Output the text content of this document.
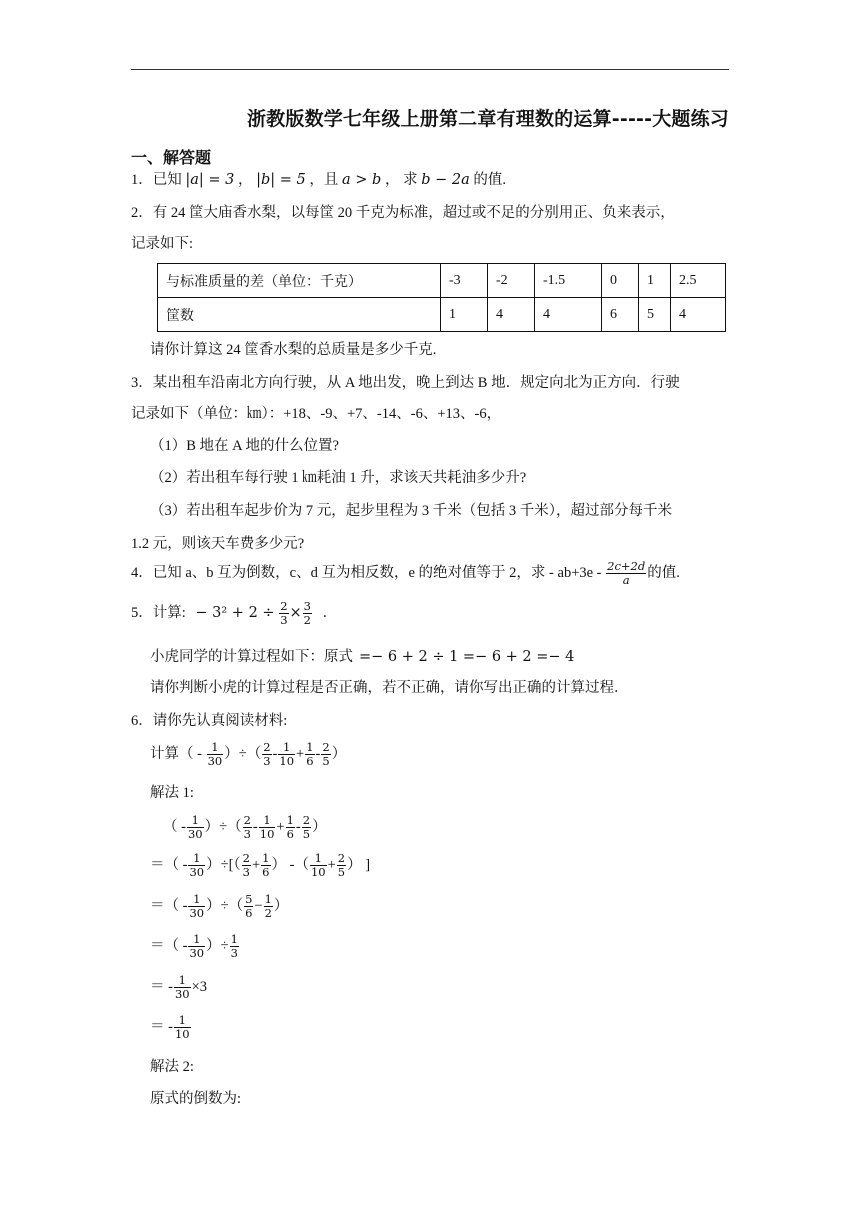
浙教版数学七年级上册第二章有理数的运算-----大题练习
一、解答题
1．已知 |a| = 3 ， |b| = 5 ，且 a > b ， 求 b − 2a 的值.
2．有 24 筐大庙香水梨，以每筐 20 千克为标准，超过或不足的分别用正、负来表示，
记录如下:
与标准质量的差（单位：千克）	-3	-2	-1.5	0	1	2.5
筐数	1	4	4	6	5	4
请你计算这 24 筐香水梨的总质量是多少千克.
3．某出租车沿南北方向行驶，从 A 地出发，晚上到达 B 地．规定向北为正方向．行驶
记录如下（单位：㎞）：+18、-9、+7、-14、-6、+13、-6，
（1）B 地在 A 地的什么位置?
（2）若出租车每行驶 1 ㎞耗油 1 升，求该天共耗油多少升?
（3）若出租车起步价为 7 元，起步里程为 3 千米（包括 3 千米），超过部分每千米
1.2 元，则该天车费多少元?
4．已知 a、b 互为倒数，c、d 互为相反数，e 的绝对值等于 2，求 - $ab+3e - \frac{2c+2d}{a}$ 的值.
5．计算: − $3^2 + 2 \div \frac{2}{3} \times \frac{3}{2}$ ．
小虎同学的计算过程如下：原式 =− 6 + 2 ÷ 1 =− 6 + 2 =− 4
请你判断小虎的计算过程是否正确，若不正确，请你写出正确的计算过程．
6．请你先认真阅读材料:
计算（ - $\frac{1}{30}$ ）÷（ $\frac{2}{3} - \frac{1}{10} + \frac{1}{6} - \frac{2}{5}$ ）
解法 1:
（ - $\frac{1}{30}$ ）÷（ $\frac{2}{3} - \frac{1}{10} + \frac{1}{6} - \frac{2}{5}$ ）
＝（ - $\frac{1}{30}$ ）÷[（ $\frac{2}{3} + \frac{1}{6}$ ） -（ $\frac{1}{10} + \frac{2}{5}$ ） ]
＝（ - $\frac{1}{30}$ ）÷（ $\frac{5}{6} - \frac{1}{2}$ ）
＝（ - $\frac{1}{30}$ ）÷ $\frac{1}{3}$
＝ - $\frac{1}{30} \times 3$
＝ - $\frac{1}{10}$
解法 2:
原式的倒数为:
